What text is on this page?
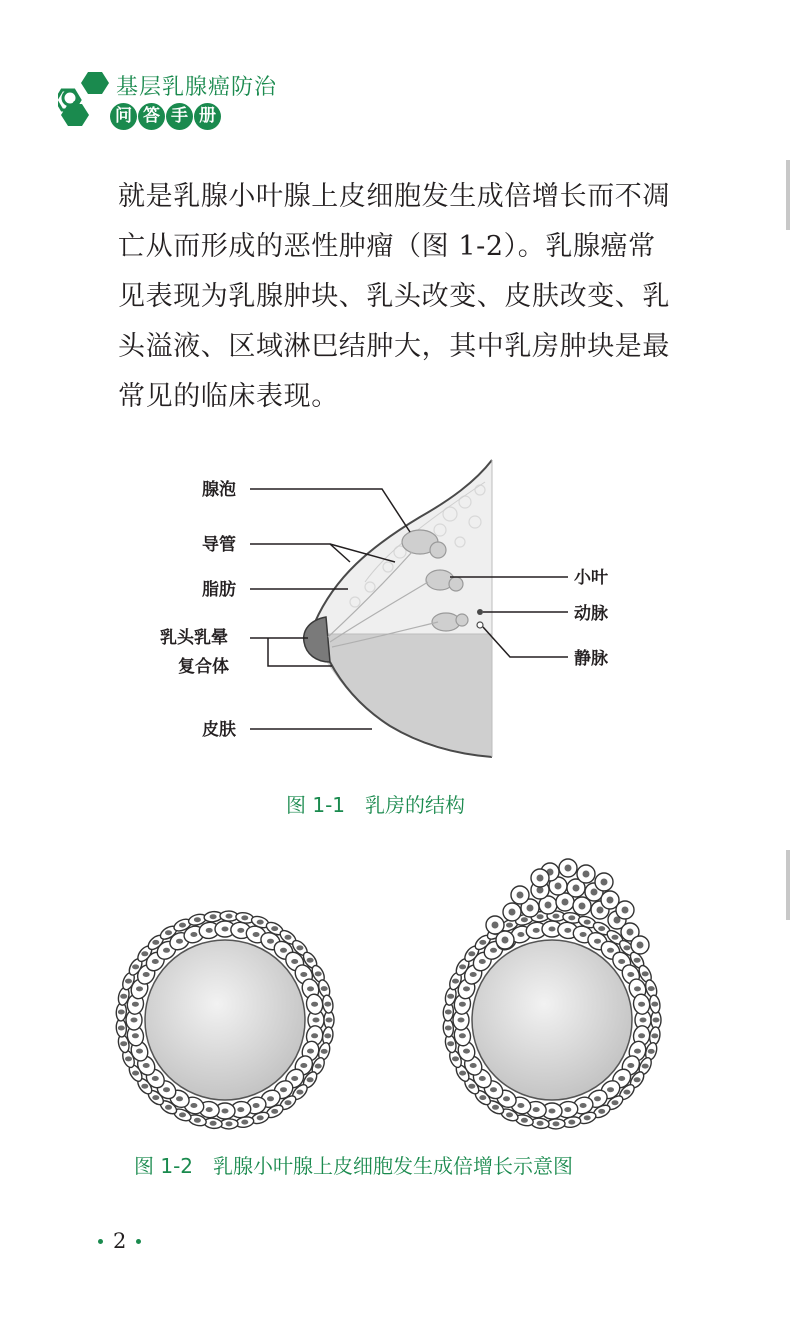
基层乳腺癌防治
问 答 手 册
就是乳腺小叶腺上皮细胞发生成倍增长而不凋
亡从而形成的恶性肿瘤（图 1-2）。乳腺癌常
见表现为乳腺肿块、乳头改变、皮肤改变、乳
头溢液、区域淋巴结肿大，其中乳房肿块是最
常见的临床表现。
腺泡
导管
脂肪
乳头乳晕
复合体
皮肤
小叶
动脉
静脉
图 1-1　乳房的结构
图 1-2　乳腺小叶腺上皮细胞发生成倍增长示意图
2
